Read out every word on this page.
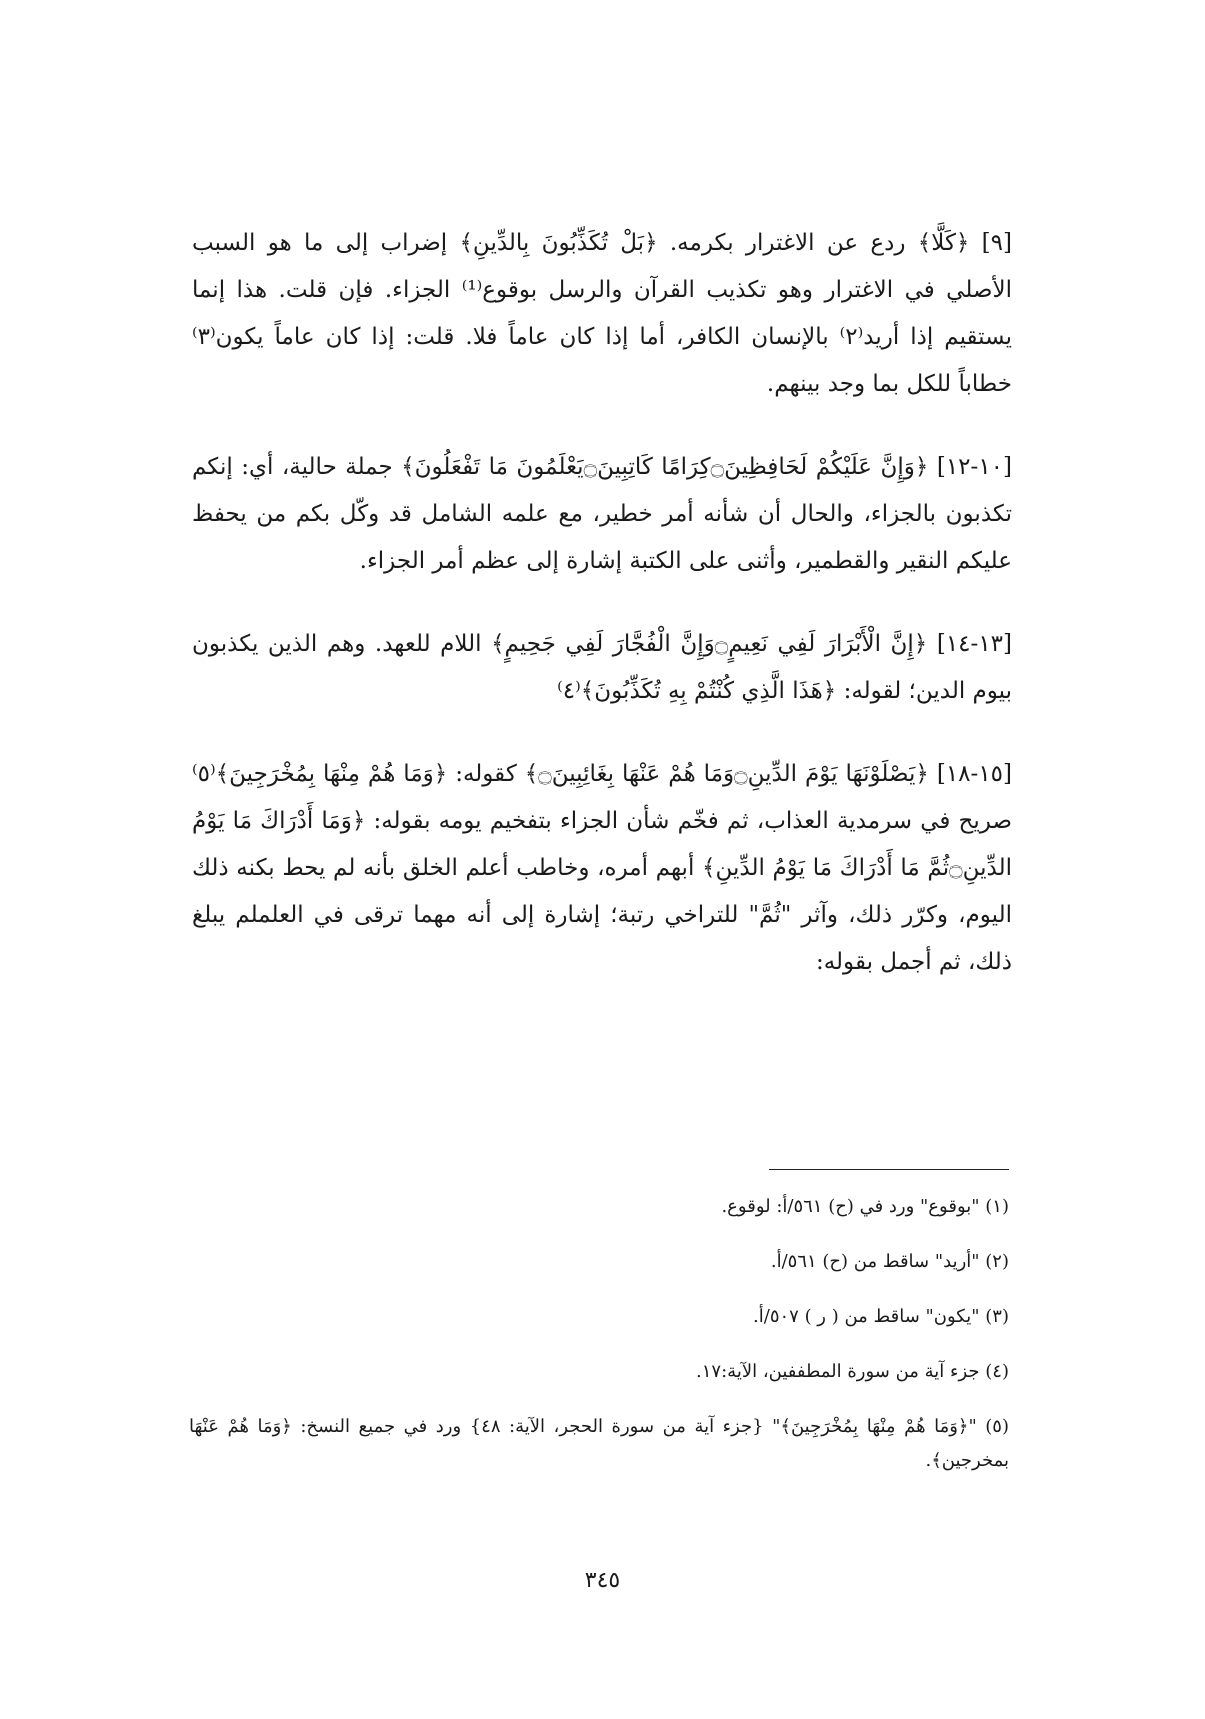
[٩] ﴿كَلَّا﴾ ردع عن الاغترار بكرمه. ﴿بَلْ تُكَذِّبُونَ بِالدِّينِ﴾ إضراب إلى ما هو السبب الأصلي في الاغترار وهو تكذيب القرآن والرسل بوقوع⁽¹⁾ الجزاء. فإن قلت. هذا إنما يستقيم إذا أريد⁽٢⁾ بالإنسان الكافر، أما إذا كان عاماً فلا. قلت: إذا كان عاماً يكون⁽٣⁾ خطاباً للكل بما وجد بينهم.

[١٠-١٢] ﴿وَإِنَّ عَلَيْكُمْ لَحَافِظِينَ۝كِرَامًا كَاتِبِينَ۝يَعْلَمُونَ مَا تَفْعَلُونَ﴾ جملة حالية، أي: إنكم تكذبون بالجزاء، والحال أن شأنه أمر خطير، مع علمه الشامل قد وكّل بكم من يحفظ عليكم النقير والقطمير، وأثنى على الكتبة إشارة إلى عظم أمر الجزاء.

[١٣-١٤] ﴿إِنَّ الْأَبْرَارَ لَفِي نَعِيمٍ۝وَإِنَّ الْفُجَّارَ لَفِي جَحِيمٍ﴾ اللام للعهد. وهم الذين يكذبون بيوم الدين؛ لقوله: ﴿هَذَا الَّذِي كُنْتُمْ بِهِ تُكَذِّبُونَ﴾⁽٤⁾

[١٥-١٨] ﴿يَصْلَوْنَهَا يَوْمَ الدِّينِ۝وَمَا هُمْ عَنْهَا بِغَائِبِينَ۝﴾ كقوله: ﴿وَمَا هُمْ مِنْهَا بِمُخْرَجِينَ﴾⁽٥⁾ صريح في سرمدية العذاب، ثم فخّم شأن الجزاء بتفخيم يومه بقوله: ﴿وَمَا أَدْرَاكَ مَا يَوْمُ الدِّينِ۝ثُمَّ مَا أَدْرَاكَ مَا يَوْمُ الدِّينِ﴾ أبهم أمره، وخاطب أعلم الخلق بأنه لم يحط بكنه ذلك اليوم، وكرّر ذلك، وآثر "ثُمَّ" للتراخي رتبة؛ إشارة إلى أنه مهما ترقى في العلملم يبلغ ذلك، ثم أجمل بقوله:

(١) "بوقوع" ورد في (ح) ٥٦١/أ: لوقوع.

(٢) "أريد" ساقط من (ح) ٥٦١/أ.

(٣) "يكون" ساقط من ( ر ) ٥٠٧/أ.

(٤) جزء آية من سورة المطففين، الآية:١٧.

(٥) "﴿وَمَا هُمْ مِنْهَا بِمُخْرَجِينَ﴾" {جزء آية من سورة الحجر، الآية: ٤٨} ورد في جميع النسخ: ﴿وَمَا هُمْ عَنْهَا بمخرجين﴾.

٣٤٥
